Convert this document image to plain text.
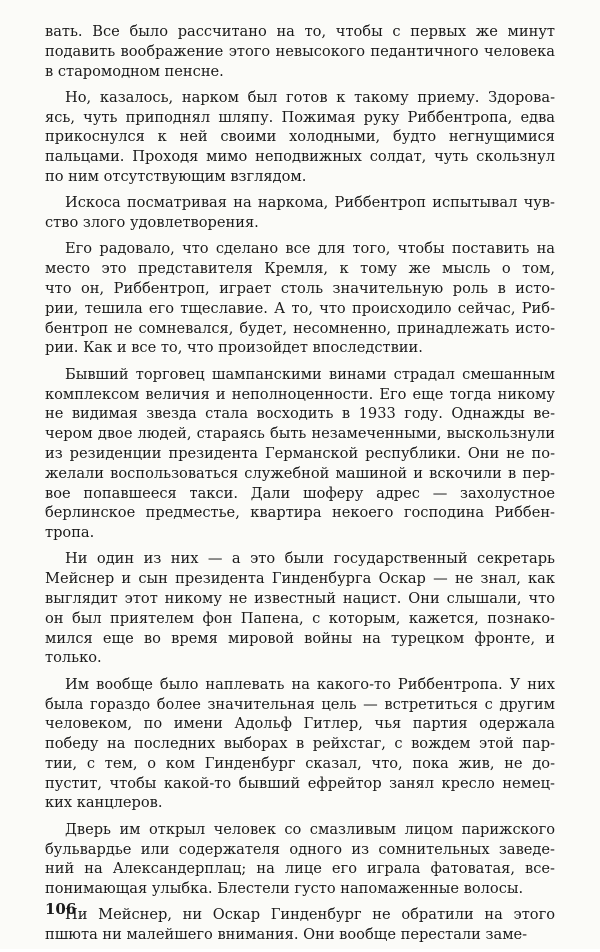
вать. Все было рассчитано на то, чтобы с первых же минут
подавить воображение этого невысокого педантичного человека
в старомодном пенсне.
Но, казалось, нарком был готов к такому приему. Здорова-
ясь, чуть приподнял шляпу. Пожимая руку Риббентропа, едва
прикоснулся к ней своими холодными, будто негнущимися
пальцами. Проходя мимо неподвижных солдат, чуть скользнул
по ним отсутствующим взглядом.
Искоса посматривая на наркома, Риббентроп испытывал чув-
ство злого удовлетворения.
Его радовало, что сделано все для того, чтобы поставить на
место это представителя Кремля, к тому же мысль о том,
что он, Риббентроп, играет столь значительную роль в исто-
рии, тешила его тщеславие. А то, что происходило сейчас, Риб-
бентроп не сомневался, будет, несомненно, принадлежать исто-
рии. Как и все то, что произойдет впоследствии.
Бывший торговец шампанскими винами страдал смешанным
комплексом величия и неполноценности. Его еще тогда никому
не видимая звезда стала восходить в 1933 году. Однажды ве-
чером двое людей, стараясь быть незамеченными, выскользнули
из резиденции президента Германской республики. Они не по-
желали воспользоваться служебной машиной и вскочили в пер-
вое попавшееся такси. Дали шоферу адрес — захолустное
берлинское предместье, квартира некоего господина Риббен-
тропа.
Ни один из них — а это были государственный секретарь
Мейснер и сын президента Гинденбурга Оскар — не знал, как
выглядит этот никому не известный нацист. Они слышали, что
он был приятелем фон Папена, с которым, кажется, познако-
мился еще во время мировой войны на турецком фронте, и
только.
Им вообще было наплевать на какого-то Риббентропа. У них
была гораздо более значительная цель — встретиться с другим
человеком, по имени Адольф Гитлер, чья партия одержала
победу на последних выборах в рейхстаг, с вождем этой пар-
тии, с тем, о ком Гинденбург сказал, что, пока жив, не до-
пустит, чтобы какой-то бывший ефрейтор занял кресло немец-
ких канцлеров.
Дверь им открыл человек со смазливым лицом парижского
бульвардье или содержателя одного из сомнительных заведе-
ний на Александерплац; на лице его играла фатоватая, все-
понимающая улыбка. Блестели густо напомаженные волосы.
Ни Мейснер, ни Оскар Гинденбург не обратили на этого
пшюта ни малейшего внимания. Они вообще перестали заме-
106
